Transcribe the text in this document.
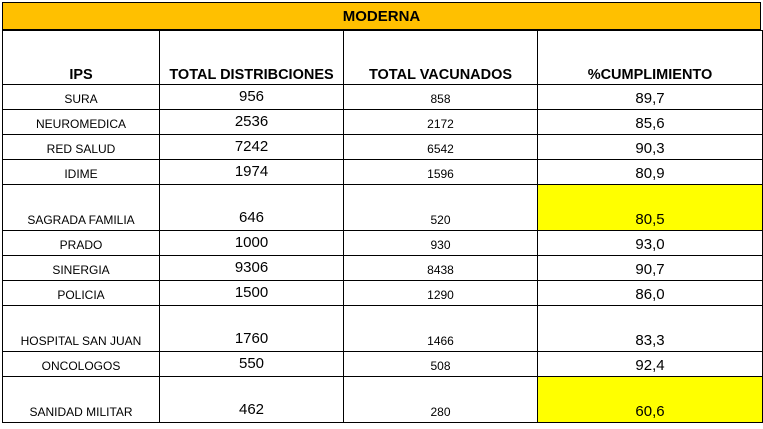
MODERNA
IPS	TOTAL DISTRIBCIONES	TOTAL VACUNADOS	%CUMPLIMIENTO
SURA	956	858	89,7
NEUROMEDICA	2536	2172	85,6
RED SALUD	7242	6542	90,3
IDIME	1974	1596	80,9
SAGRADA FAMILIA	646	520	80,5
PRADO	1000	930	93,0
SINERGIA	9306	8438	90,7
POLICIA	1500	1290	86,0
HOSPITAL SAN JUAN	1760	1466	83,3
ONCOLOGOS	550	508	92,4
SANIDAD MILITAR	462	280	60,6
